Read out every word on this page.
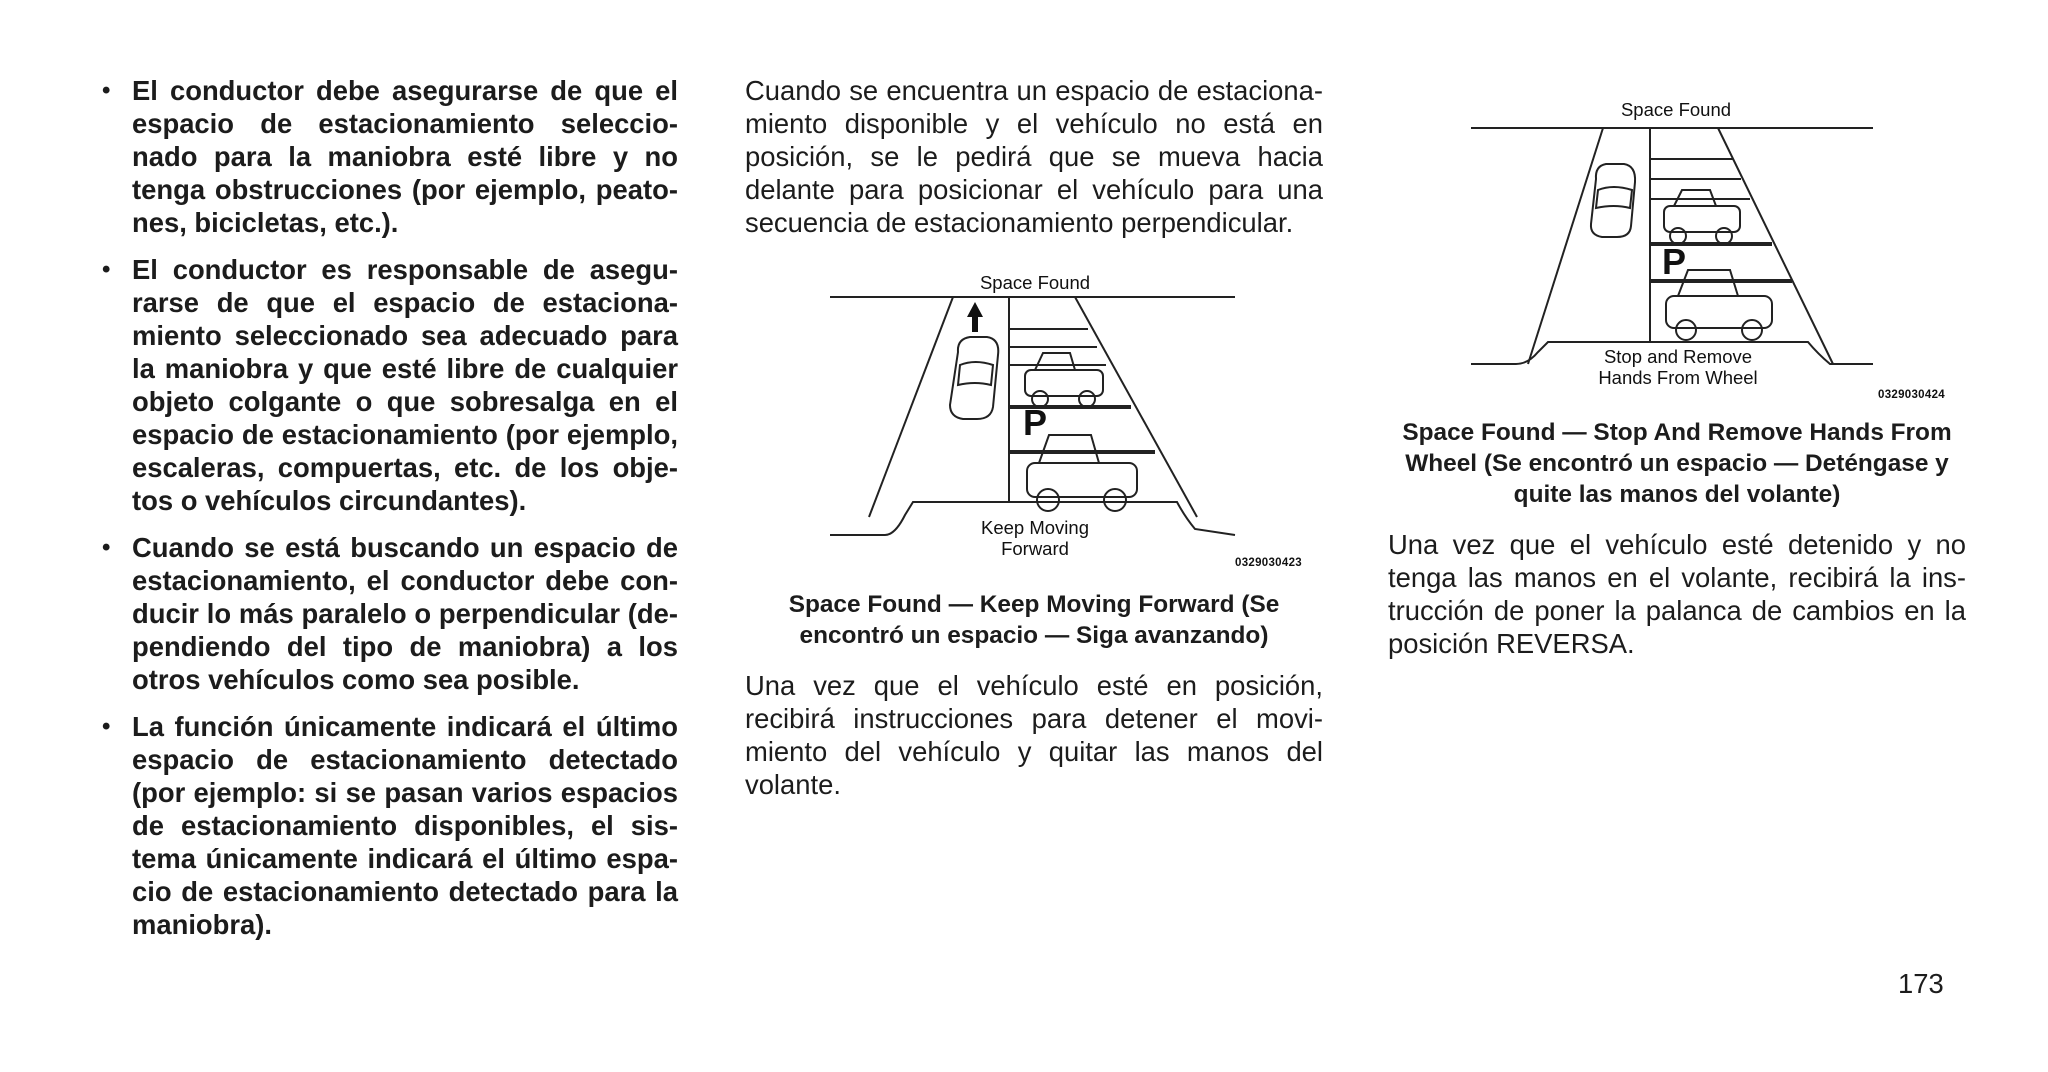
• El conductor debe asegurarse de que el espacio de estacionamiento seleccionado para la maniobra esté libre y no tenga obstrucciones (por ejemplo, peatones, bicicletas, etc.).
• El conductor es responsable de asegurarse de que el espacio de estacionamiento seleccionado sea adecuado para la maniobra y que esté libre de cualquier objeto colgante o que sobresalga en el espacio de estacionamiento (por ejemplo, escaleras, compuertas, etc. de los objetos o vehículos circundantes).
• Cuando se está buscando un espacio de estacionamiento, el conductor debe conducir lo más paralelo o perpendicular (dependiendo del tipo de maniobra) a los otros vehículos como sea posible.
• La función únicamente indicará el último espacio de estacionamiento detectado (por ejemplo: si se pasan varios espacios de estacionamiento disponibles, el sistema únicamente indicará el último espacio de estacionamiento detectado para la maniobra).

Cuando se encuentra un espacio de estacionamiento disponible y el vehículo no está en posición, se le pedirá que se mueva hacia delante para posicionar el vehículo para una secuencia de estacionamiento perpendicular.

P
Space Found
Keep Moving
Forward
0329030423

Space Found — Keep Moving Forward (Se encontró un espacio — Siga avanzando)

Una vez que el vehículo esté en posición, recibirá instrucciones para detener el movimiento del vehículo y quitar las manos del volante.

P
Space Found
Stop and Remove
Hands From Wheel
0329030424

Space Found — Stop And Remove Hands From Wheel (Se encontró un espacio — Deténgase y quite las manos del volante)

Una vez que el vehículo esté detenido y no tenga las manos en el volante, recibirá la instrucción de poner la palanca de cambios en la posición REVERSA.

173
